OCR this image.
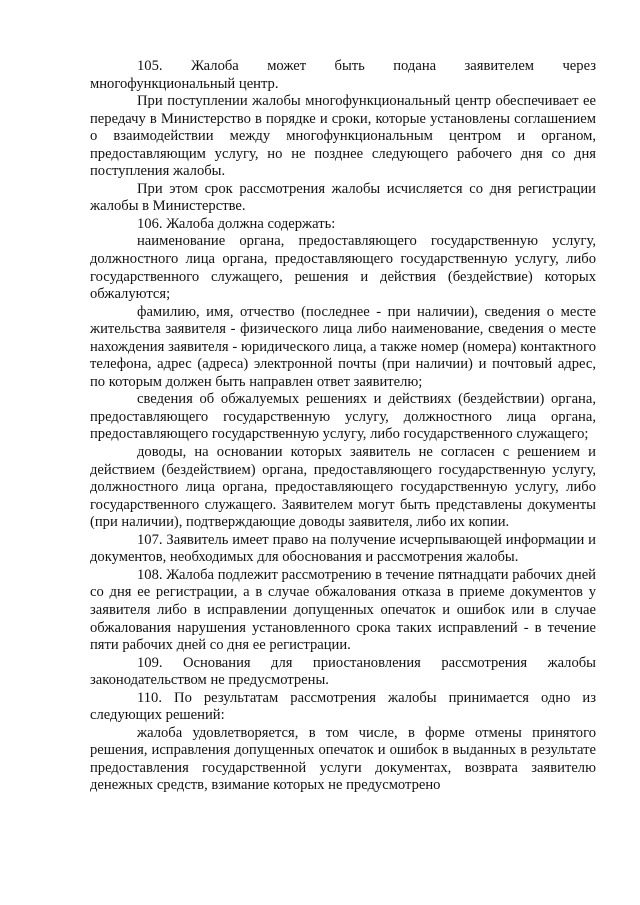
105. Жалоба может быть подана заявителем через многофункциональный центр.

При поступлении жалобы многофункциональный центр обеспечивает ее передачу в Министерство в порядке и сроки, которые установлены соглашением о взаимодействии между многофункциональным центром и органом, предоставляющим услугу, но не позднее следующего рабочего дня со дня поступления жалобы.

При этом срок рассмотрения жалобы исчисляется со дня регистрации жалобы в Министерстве.

106. Жалоба должна содержать:

наименование органа, предоставляющего государственную услугу, должностного лица органа, предоставляющего государственную услугу, либо государственного служащего, решения и действия (бездействие) которых обжалуются;

фамилию, имя, отчество (последнее - при наличии), сведения о месте жительства заявителя - физического лица либо наименование, сведения о месте нахождения заявителя - юридического лица, а также номер (номера) контактного телефона, адрес (адреса) электронной почты (при наличии) и почтовый адрес, по которым должен быть направлен ответ заявителю;

сведения об обжалуемых решениях и действиях (бездействии) органа, предоставляющего государственную услугу, должностного лица органа, предоставляющего государственную услугу, либо государственного служащего;

доводы, на основании которых заявитель не согласен с решением и действием (бездействием) органа, предоставляющего государственную услугу, должностного лица органа, предоставляющего государственную услугу, либо государственного служащего. Заявителем могут быть представлены документы (при наличии), подтверждающие доводы заявителя, либо их копии.

107. Заявитель имеет право на получение исчерпывающей информации и документов, необходимых для обоснования и рассмотрения жалобы.

108. Жалоба подлежит рассмотрению в течение пятнадцати рабочих дней со дня ее регистрации, а в случае обжалования отказа в приеме документов у заявителя либо в исправлении допущенных опечаток и ошибок или в случае обжалования нарушения установленного срока таких исправлений - в течение пяти рабочих дней со дня ее регистрации.

109. Основания для приостановления рассмотрения жалобы законодательством не предусмотрены.

110. По результатам рассмотрения жалобы принимается одно из следующих решений:

жалоба удовлетворяется, в том числе, в форме отмены принятого решения, исправления допущенных опечаток и ошибок в выданных в результате предоставления государственной услуги документах, возврата заявителю денежных средств, взимание которых не предусмотрено
